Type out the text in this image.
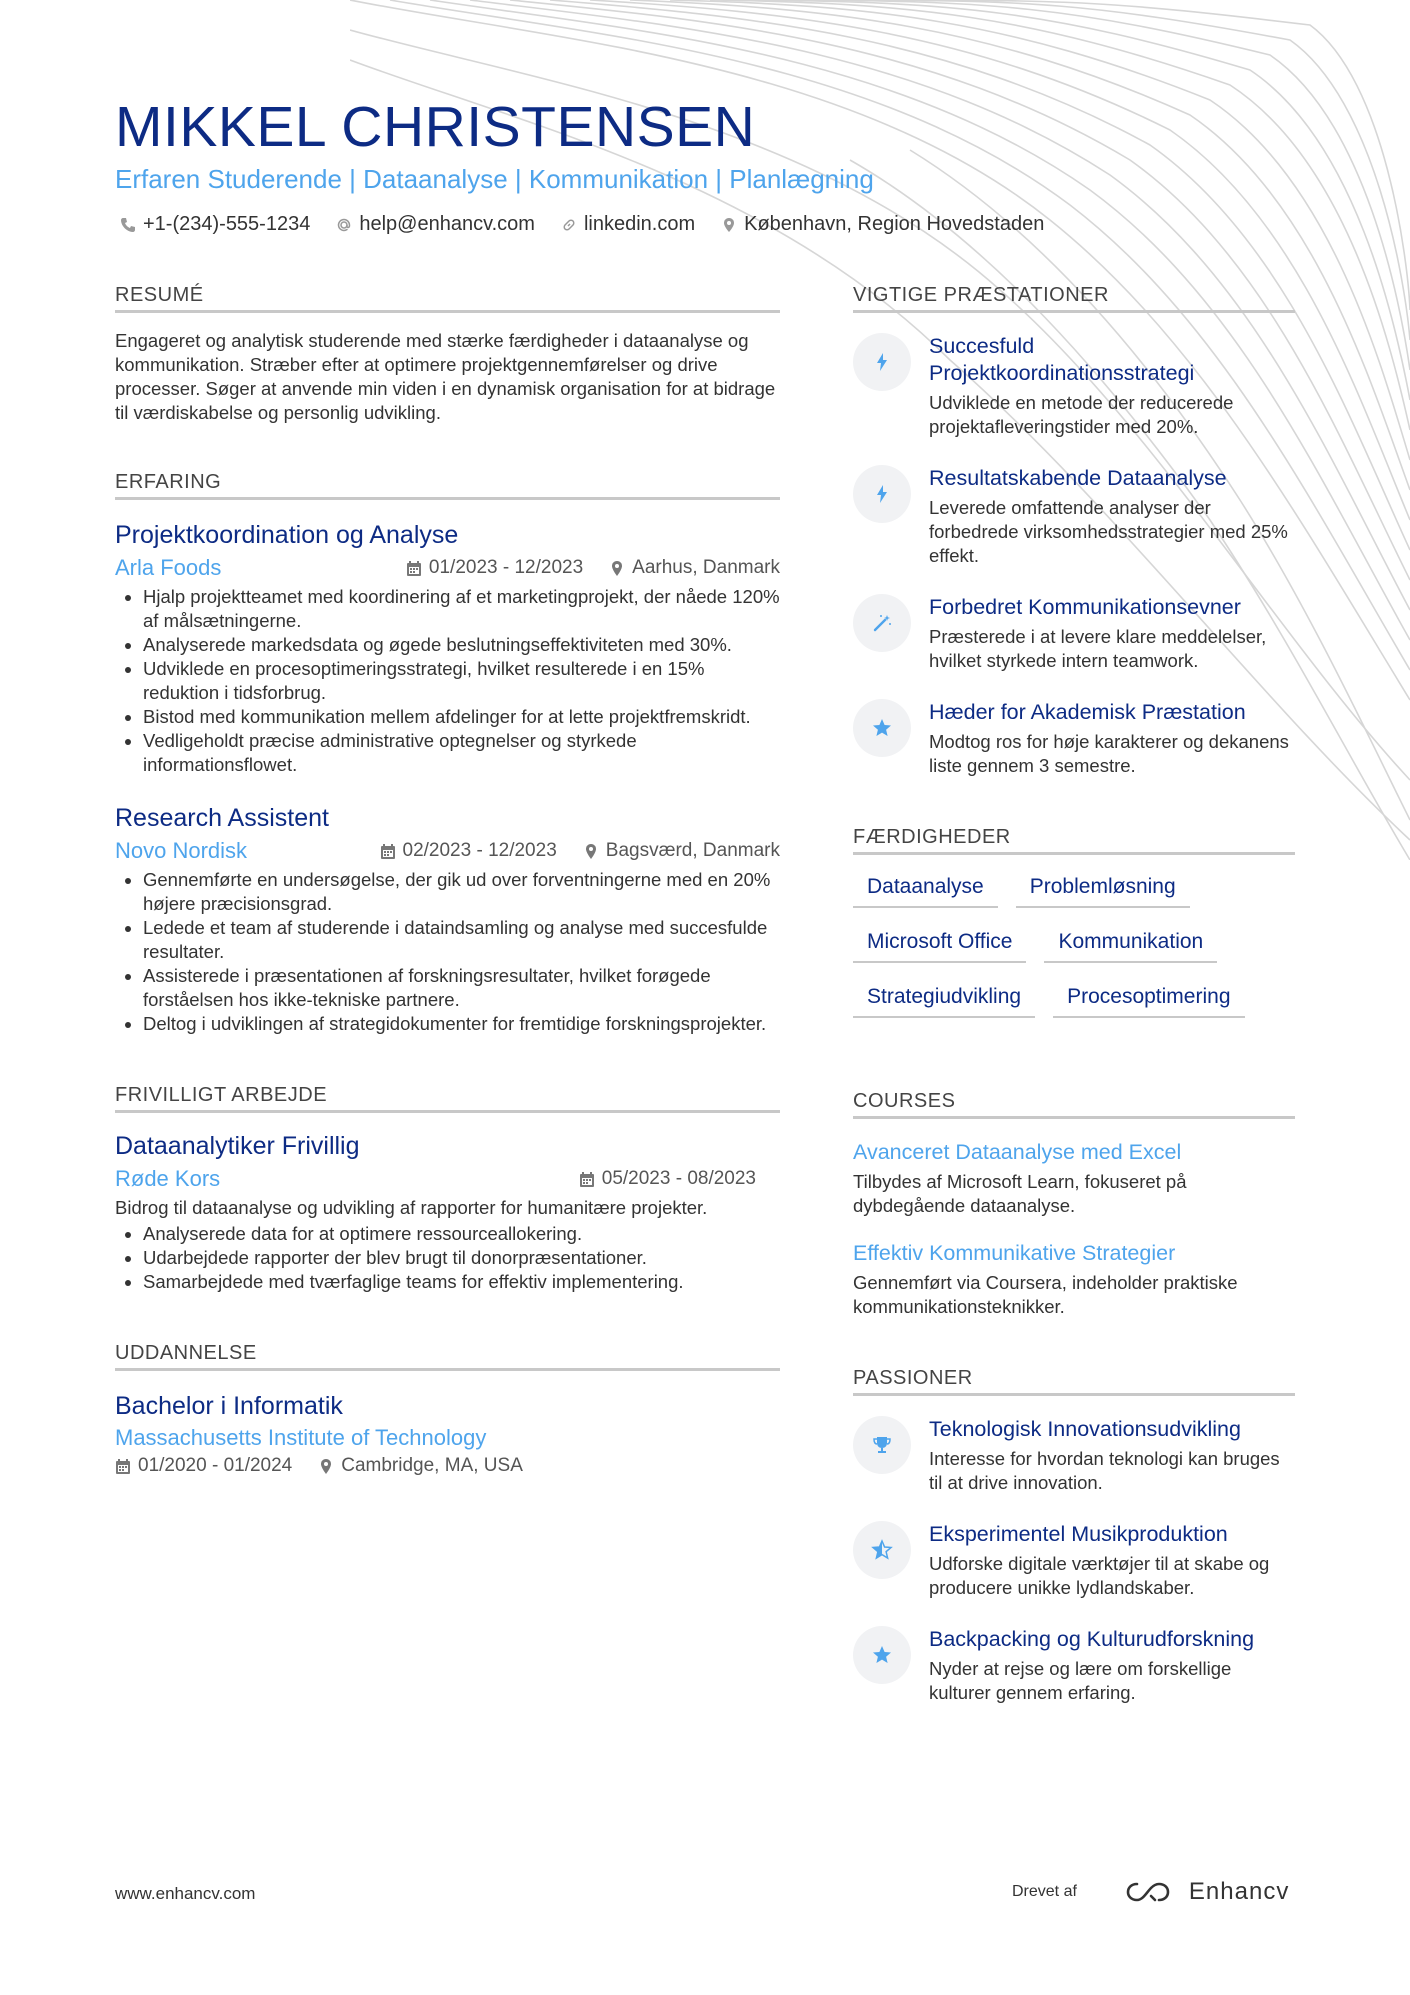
MIKKEL CHRISTENSEN
Erfaren Studerende | Dataanalyse | Kommunikation | Planlægning
+1-(234)-555-1234 help@enhancv.com linkedin.com København, Region Hovedstaden
RESUMÉ
Engageret og analytisk studerende med stærke færdigheder i dataanalyse og kommunikation. Stræber efter at optimere projektgennemførelser og drive processer. Søger at anvende min viden i en dynamisk organisation for at bidrage til værdiskabelse og personlig udvikling.
ERFARING
Projektkoordination og Analyse
Arla Foods	01/2023 - 12/2023	Aarhus, Danmark
• Hjalp projektteamet med koordinering af et marketingprojekt, der nåede 120% af målsætningerne.
• Analyserede markedsdata og øgede beslutningseffektiviteten med 30%.
• Udviklede en procesoptimeringsstrategi, hvilket resulterede i en 15% reduktion i tidsforbrug.
• Bistod med kommunikation mellem afdelinger for at lette projektfremskridt.
• Vedligeholdt præcise administrative optegnelser og styrkede informationsflowet.
Research Assistent
Novo Nordisk	02/2023 - 12/2023	Bagsværd, Danmark
• Gennemførte en undersøgelse, der gik ud over forventningerne med en 20% højere præcisionsgrad.
• Ledede et team af studerende i dataindsamling og analyse med succesfulde resultater.
• Assisterede i præsentationen af forskningsresultater, hvilket forøgede forståelsen hos ikke-tekniske partnere.
• Deltog i udviklingen af strategidokumenter for fremtidige forskningsprojekter.
FRIVILLIGT ARBEJDE
Dataanalytiker Frivillig
Røde Kors	05/2023 - 08/2023
Bidrog til dataanalyse og udvikling af rapporter for humanitære projekter.
• Analyserede data for at optimere ressourceallokering.
• Udarbejdede rapporter der blev brugt til donorpræsentationer.
• Samarbejdede med tværfaglige teams for effektiv implementering.
UDDANNELSE
Bachelor i Informatik
Massachusetts Institute of Technology
01/2020 - 01/2024	Cambridge, MA, USA
VIGTIGE PRÆSTATIONER
Succesfuld Projektkoordinationsstrategi
Udviklede en metode der reducerede projektafleveringstider med 20%.
Resultatskabende Dataanalyse
Leverede omfattende analyser der forbedrede virksomhedsstrategier med 25% effekt.
Forbedret Kommunikationsevner
Præsterede i at levere klare meddelelser, hvilket styrkede intern teamwork.
Hæder for Akademisk Præstation
Modtog ros for høje karakterer og dekanens liste gennem 3 semestre.
FÆRDIGHEDER
Dataanalyse	Problemløsning
Microsoft Office	Kommunikation
Strategiudvikling	Procesoptimering
COURSES
Avanceret Dataanalyse med Excel
Tilbydes af Microsoft Learn, fokuseret på dybdegående dataanalyse.
Effektiv Kommunikative Strategier
Gennemført via Coursera, indeholder praktiske kommunikationsteknikker.
PASSIONER
Teknologisk Innovationsudvikling
Interesse for hvordan teknologi kan bruges til at drive innovation.
Eksperimentel Musikproduktion
Udforske digitale værktøjer til at skabe og producere unikke lydlandskaber.
Backpacking og Kulturudforskning
Nyder at rejse og lære om forskellige kulturer gennem erfaring.
www.enhancv.com	Drevet af	Enhancv
